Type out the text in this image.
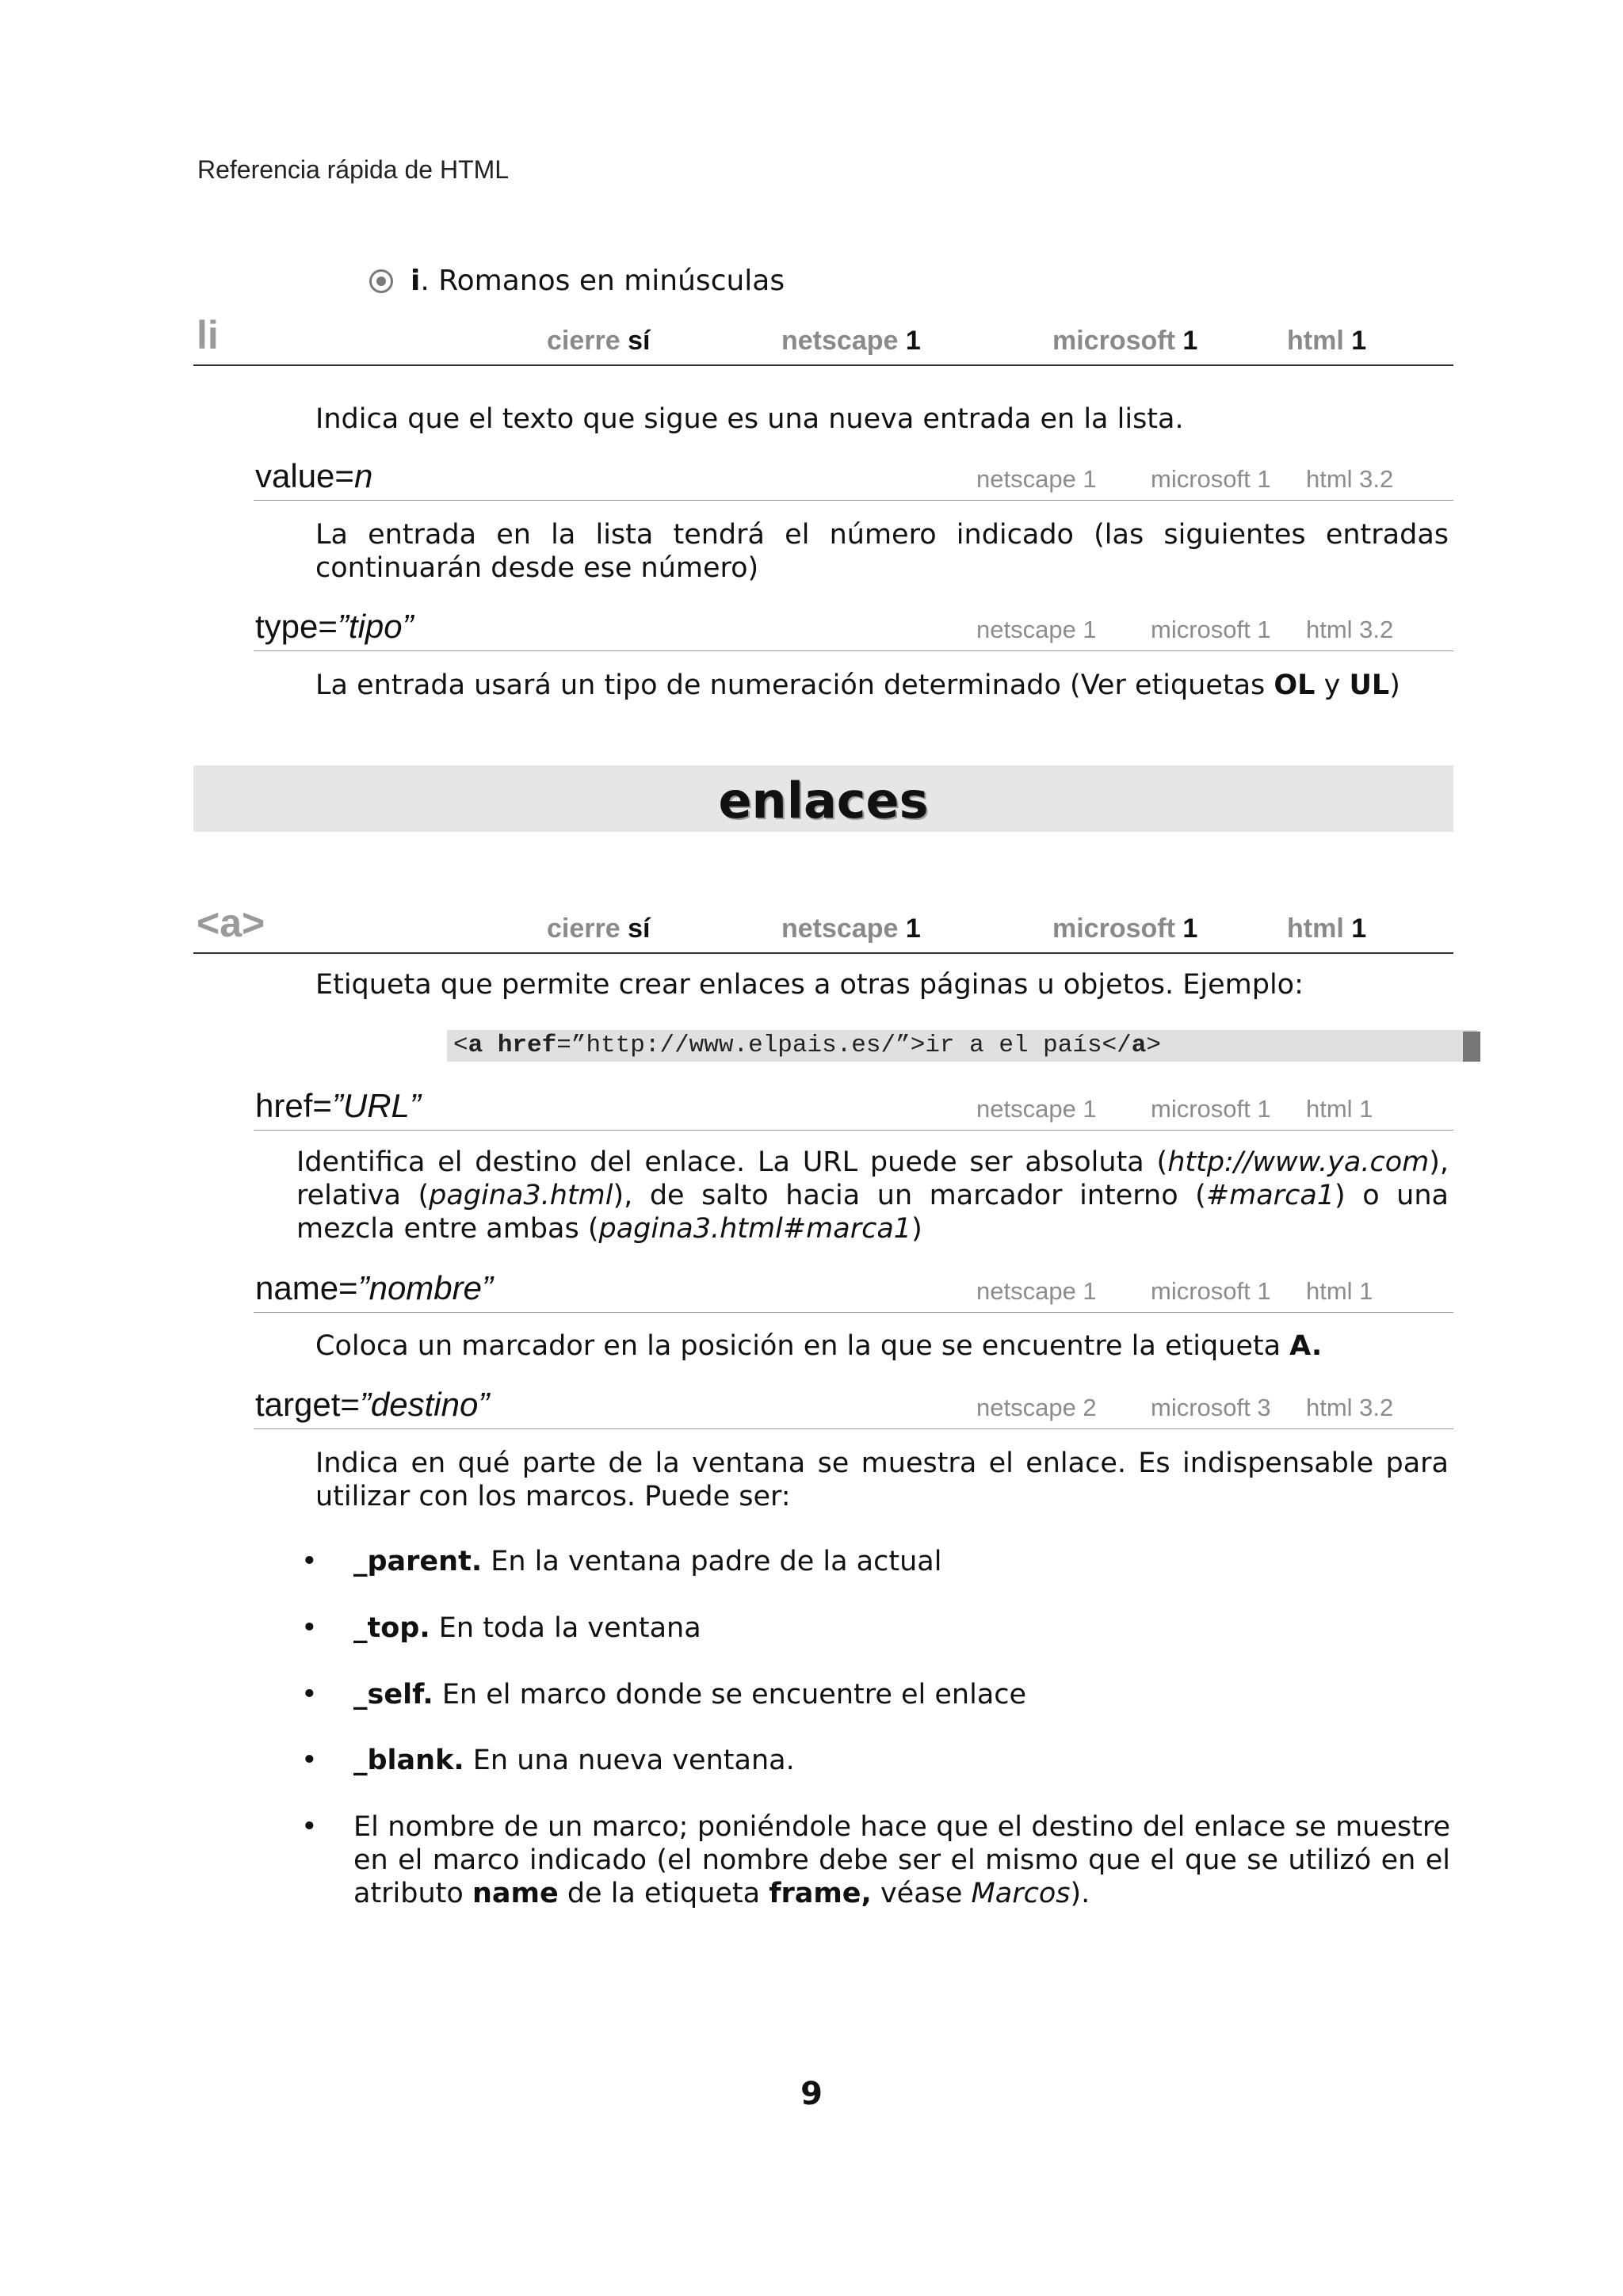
Referencia rápida de HTML
i. Romanos en minúsculas
li	cierre sí	netscape 1	microsoft 1	html 1
Indica que el texto que sigue es una nueva entrada en la lista.
value=n	netscape 1 microsoft 1 html 3.2
La entrada en la lista tendrá el número indicado (las siguientes entradas continuarán desde ese número)
type=”tipo”	netscape 1 microsoft 1 html 3.2
La entrada usará un tipo de numeración determinado (Ver etiquetas OL y UL)
enlaces
<a>	cierre sí	netscape 1	microsoft 1	html 1
Etiqueta que permite crear enlaces a otras páginas u objetos. Ejemplo:
<a href=”http://www.elpais.es/”>ir a el país</a>
href=”URL”	netscape 1 microsoft 1 html 1
Identifica el destino del enlace. La URL puede ser absoluta (http://www.ya.com), relativa (pagina3.html), de salto hacia un marcador interno (#marca1) o una mezcla entre ambas (pagina3.html#marca1)
name=”nombre”	netscape 1 microsoft 1 html 1
Coloca un marcador en la posición en la que se encuentre la etiqueta A.
target=”destino”	netscape 2 microsoft 3 html 3.2
Indica en qué parte de la ventana se muestra el enlace. Es indispensable para utilizar con los marcos. Puede ser:
•	_parent. En la ventana padre de la actual
•	_top. En toda la ventana
•	_self. En el marco donde se encuentre el enlace
•	_blank. En una nueva ventana.
•	El nombre de un marco; poniéndole hace que el destino del enlace se muestre en el marco indicado (el nombre debe ser el mismo que el que se utilizó en el atributo name de la etiqueta frame, véase Marcos).
9
